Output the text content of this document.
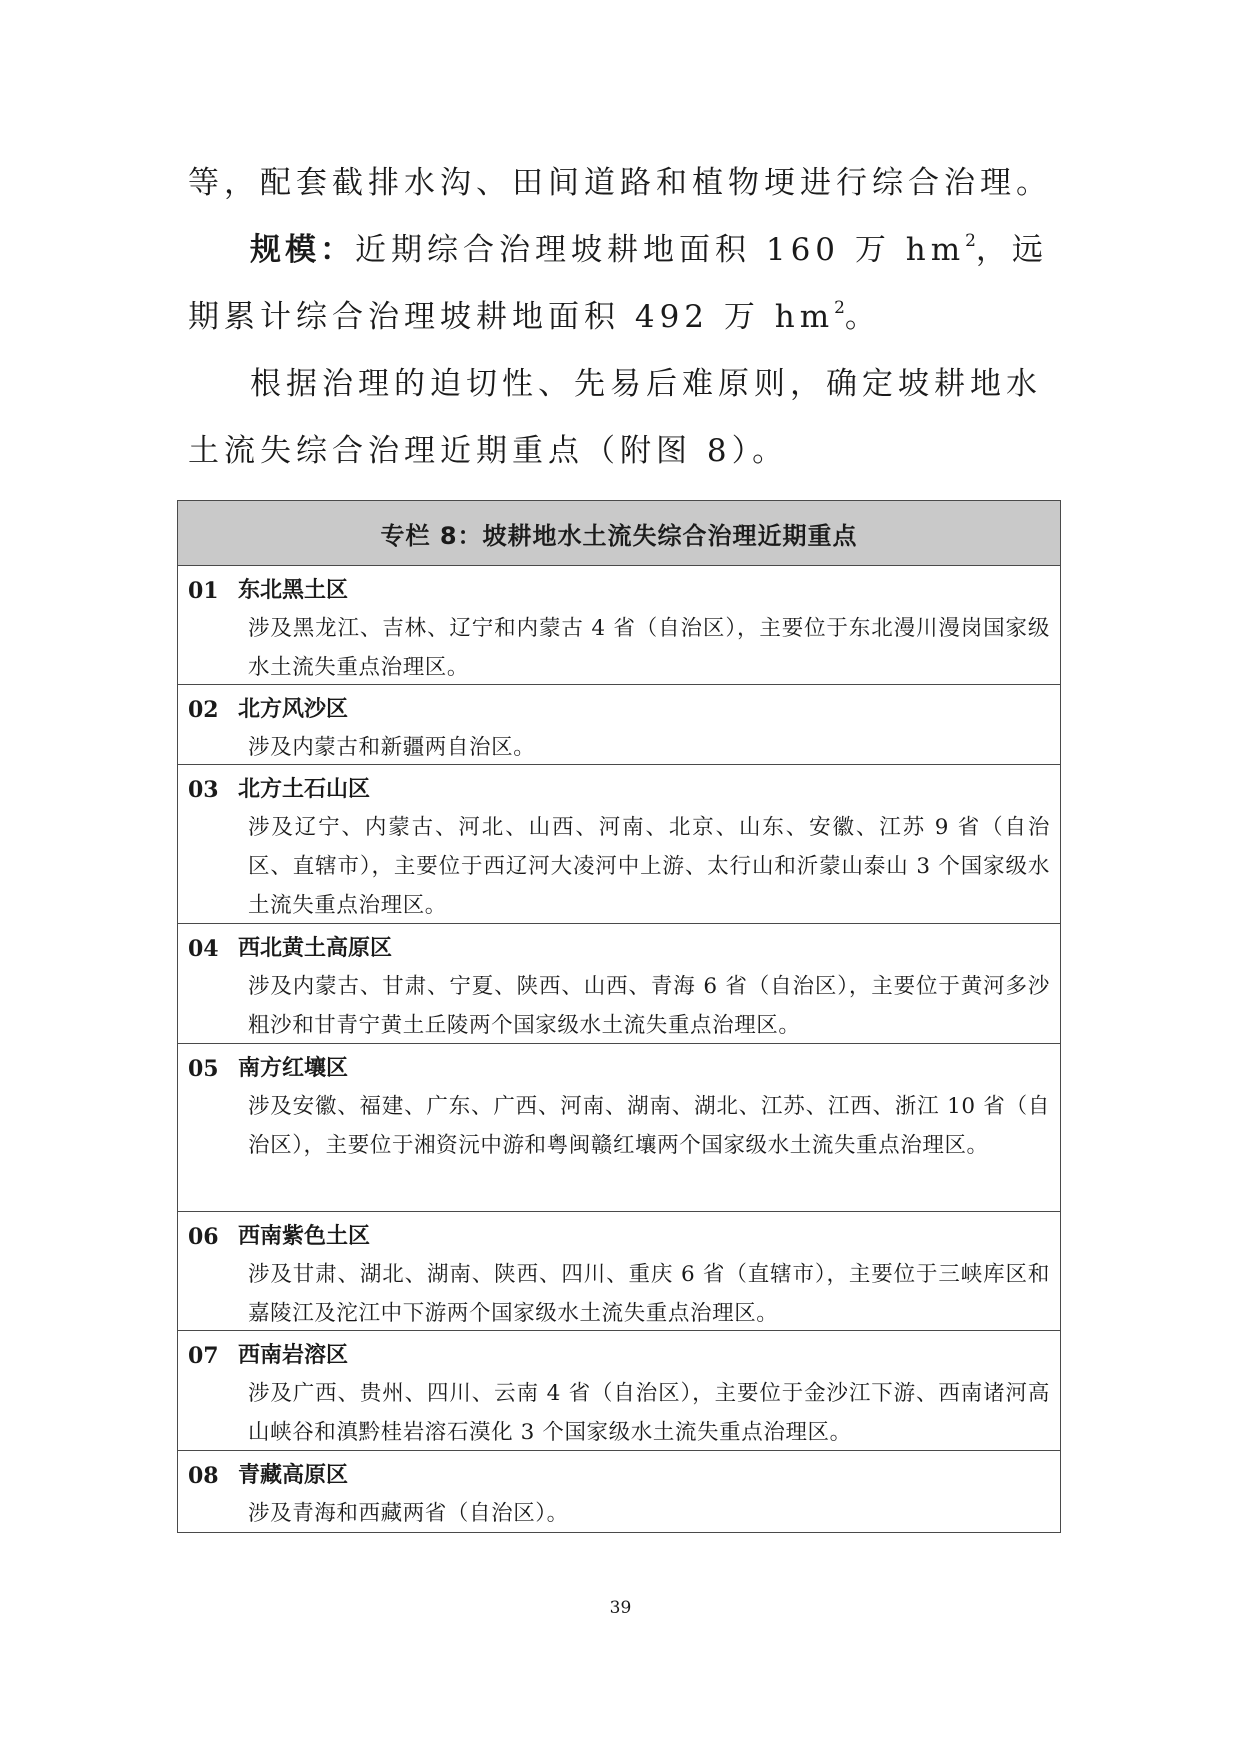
等，配套截排水沟、田间道路和植物埂进行综合治理。

规模：近期综合治理坡耕地面积 160 万 $hm^2$，远期累计综合治理坡耕地面积 492 万 $hm^2$。

根据治理的迫切性、先易后难原则，确定坡耕地水土流失综合治理近期重点（附图 8）。

专栏 8：坡耕地水土流失综合治理近期重点
01 东北黑土区
涉及黑龙江、吉林、辽宁和内蒙古 4 省（自治区），主要位于东北漫川漫岗国家级水土流失重点治理区。
02 北方风沙区
涉及内蒙古和新疆两自治区。
03 北方土石山区
涉及辽宁、内蒙古、河北、山西、河南、北京、山东、安徽、江苏 9 省（自治区、直辖市），主要位于西辽河大凌河中上游、太行山和沂蒙山泰山 3 个国家级水土流失重点治理区。
04 西北黄土高原区
涉及内蒙古、甘肃、宁夏、陕西、山西、青海 6 省（自治区），主要位于黄河多沙粗沙和甘青宁黄土丘陵两个国家级水土流失重点治理区。
05 南方红壤区
涉及安徽、福建、广东、广西、河南、湖南、湖北、江苏、江西、浙江 10 省（自治区），主要位于湘资沅中游和粤闽赣红壤两个国家级水土流失重点治理区。
06 西南紫色土区
涉及甘肃、湖北、湖南、陕西、四川、重庆 6 省（直辖市），主要位于三峡库区和嘉陵江及沱江中下游两个国家级水土流失重点治理区。
07 西南岩溶区
涉及广西、贵州、四川、云南 4 省（自治区），主要位于金沙江下游、西南诸河高山峡谷和滇黔桂岩溶石漠化 3 个国家级水土流失重点治理区。
08 青藏高原区
涉及青海和西藏两省（自治区）。
39
